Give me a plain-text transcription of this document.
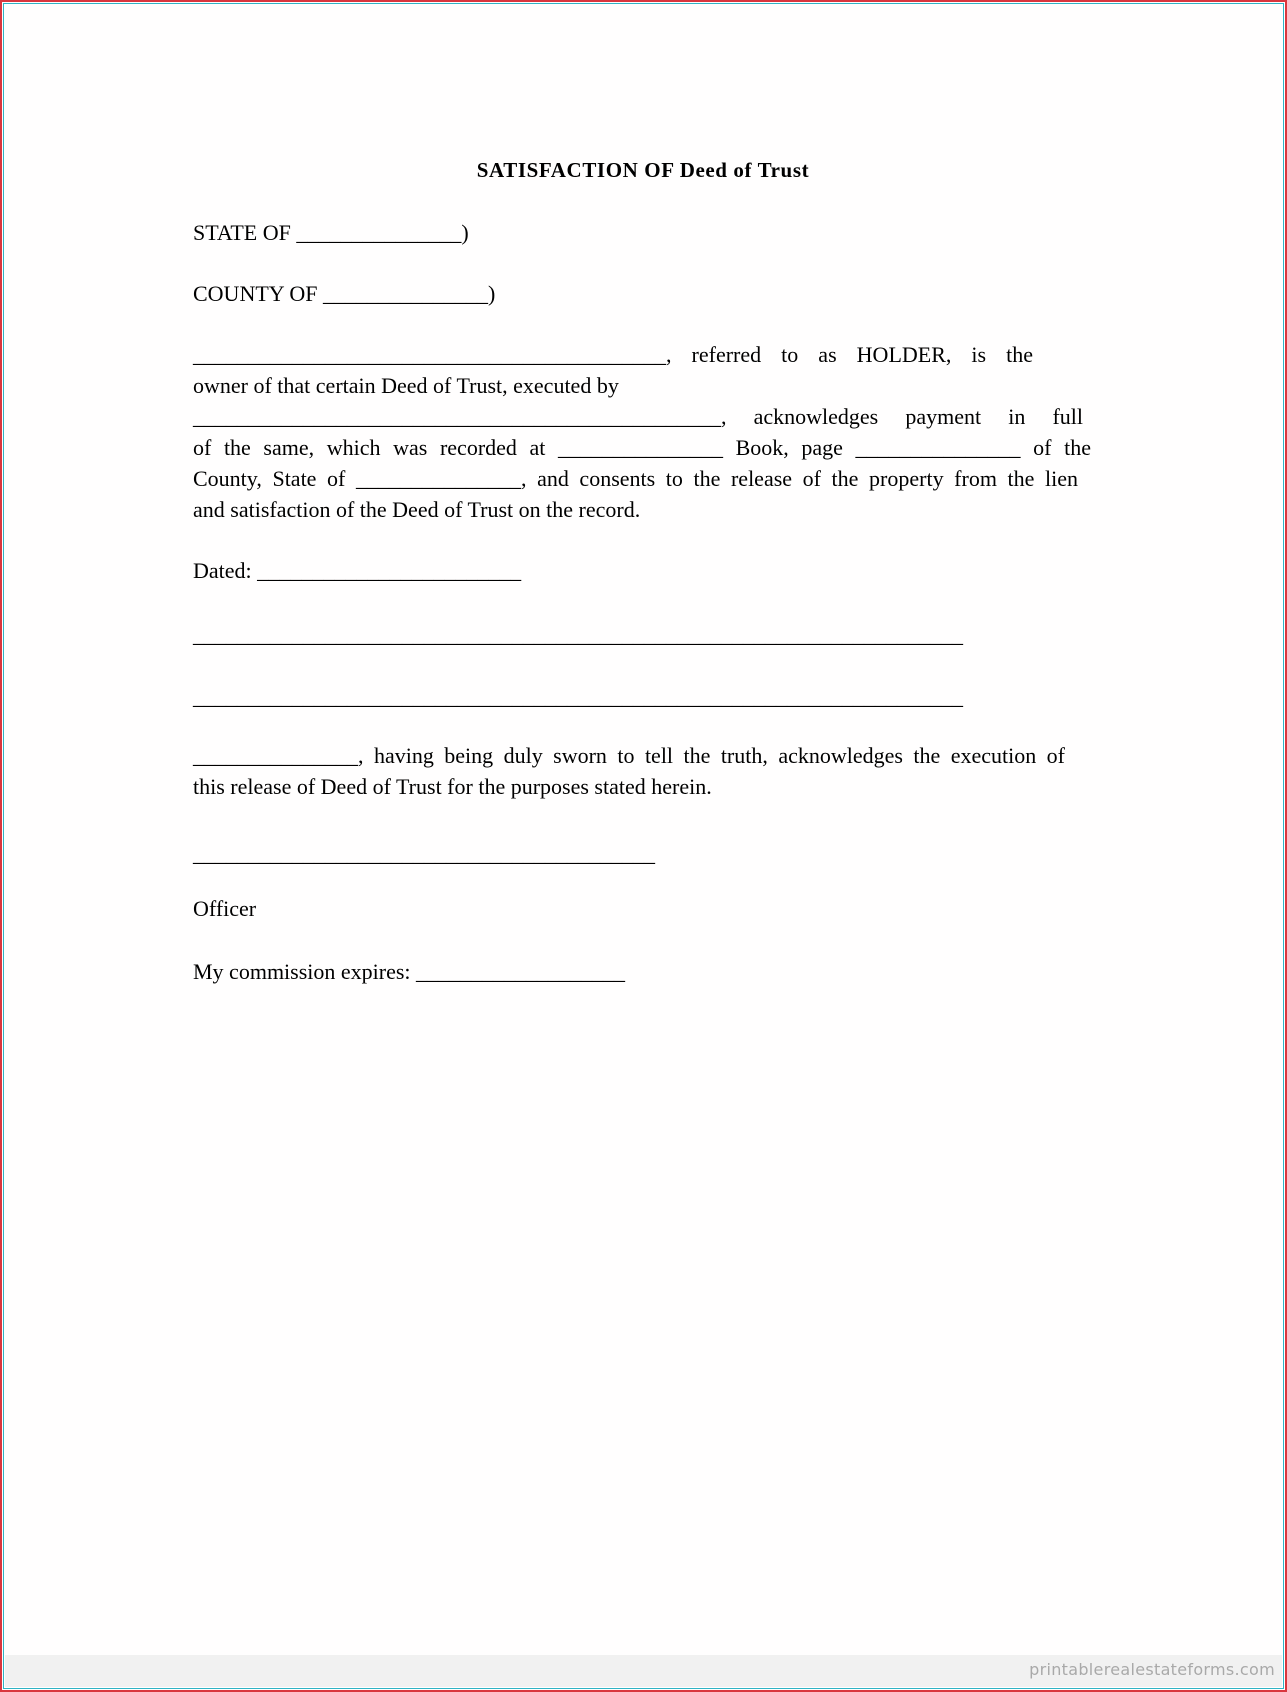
SATISFACTION OF Deed of Trust
STATE OF _______________)
COUNTY OF _______________)
___________________________________________, referred to as HOLDER, is the
owner of that certain Deed of Trust, executed by
________________________________________________, acknowledges payment in full
of the same, which was recorded at _______________ Book, page _______________ of the
County, State of _______________, and consents to the release of the property from the lien
and satisfaction of the Deed of Trust on the record.
Dated: ________________________
______________________________________________________________________
______________________________________________________________________
_______________, having being duly sworn to tell the truth, acknowledges the execution of
this release of Deed of Trust for the purposes stated herein.
__________________________________________
Officer
My commission expires: ___________________
printablerealestateforms.com
